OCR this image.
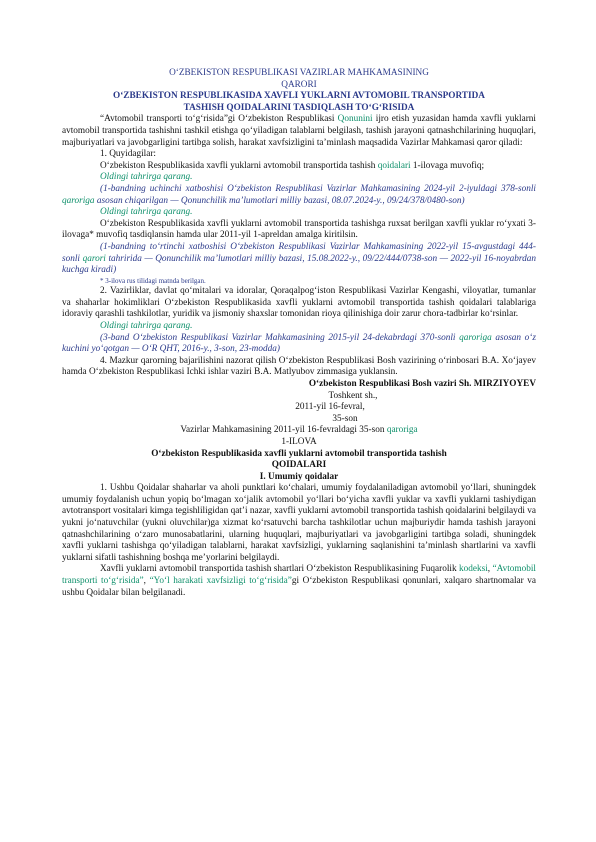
O‘ZBEKISTON RESPUBLIKASI VAZIRLAR MAHKAMASINING
QARORI
O‘ZBEKISTON RESPUBLIKASIDA XAVFLI YUKLARNI AVTOMOBIL TRANSPORTIDA TASHISH QOIDALARINI TASDIQLASH TO‘G‘RISIDA

“Avtomobil transporti to‘g‘risida”gi O‘zbekiston Respublikasi Qonunini ijro etish yuzasidan hamda xavfli yuklarni avtomobil transportida tashishni tashkil etishga qo‘yiladigan talablarni belgilash, tashish jarayoni qatnashchilarining huquqlari, majburiyatlari va javobgarligini tartibga solish, harakat xavfsizligini ta’minlash maqsadida Vazirlar Mahkamasi qaror qiladi:

1. Quyidagilar:

O‘zbekiston Respublikasida xavfli yuklarni avtomobil transportida tashish qoidalari 1-ilovaga muvofiq;

Oldingi tahrirga qarang.

(1-bandning uchinchi xatboshisi O‘zbekiston Respublikasi Vazirlar Mahkamasining 2024-yil 2-iyuldagi 378-sonli qaroriga asosan chiqarilgan — Qonunchilik ma’lumotlari milliy bazasi, 08.07.2024-y., 09/24/378/0480-son)

Oldingi tahrirga qarang.

O‘zbekiston Respublikasida xavfli yuklarni avtomobil transportida tashishga ruxsat berilgan xavfli yuklar ro‘yxati 3-ilovaga* muvofiq tasdiqlansin hamda ular 2011-yil 1-apreldan amalga kiritilsin.

(1-bandning to‘rtinchi xatboshisi O‘zbekiston Respublikasi Vazirlar Mahkamasining 2022-yil 15-avgustdagi 444-sonli qarori tahririda — Qonunchilik ma’lumotlari milliy bazasi, 15.08.2022-y., 09/22/444/0738-son — 2022-yil 16-noyabrdan kuchga kiradi)

* 3-ilova rus tilidagi matnda berilgan.

2. Vazirliklar, davlat qo‘mitalari va idoralar, Qoraqalpog‘iston Respublikasi Vazirlar Kengashi, viloyatlar, tumanlar va shaharlar hokimliklari O‘zbekiston Respublikasida xavfli yuklarni avtomobil transportida tashish qoidalari talablariga idoraviy qarashli tashkilotlar, yuridik va jismoniy shaxslar tomonidan rioya qilinishiga doir zarur chora-tadbirlar ko‘rsinlar.

Oldingi tahrirga qarang.

(3-band O‘zbekiston Respublikasi Vazirlar Mahkamasining 2015-yil 24-dekabrdagi 370-sonli qaroriga asosan o‘z kuchini yo‘qotgan — O‘R QHT, 2016-y., 3-son, 23-modda)

4. Mazkur qarorning bajarilishini nazorat qilish O‘zbekiston Respublikasi Bosh vazirining o‘rinbosari B.A. Xo‘jayev hamda O‘zbekiston Respublikasi Ichki ishlar vaziri B.A. Matlyubov zimmasiga yuklansin.

O‘zbekiston Respublikasi Bosh vaziri Sh. MIRZIYOYEV
Toshkent sh.,
2011-yil 16-fevral,
35-son
Vazirlar Mahkamasining 2011-yil 16-fevraldagi 35-son qaroriga
1-ILOVA
O‘zbekiston Respublikasida xavfli yuklarni avtomobil transportida tashish
QOIDALARI
I. Umumiy qoidalar

1. Ushbu Qoidalar shaharlar va aholi punktlari ko‘chalari, umumiy foydalaniladigan avtomobil yo‘llari, shuningdek umumiy foydalanish uchun yopiq bo‘lmagan xo‘jalik avtomobil yo‘llari bo‘yicha xavfli yuklar va xavfli yuklarni tashiydigan avtotransport vositalari kimga tegishliligidan qat’i nazar, xavfli yuklarni avtomobil transportida tashish qoidalarini belgilaydi va yukni jo‘natuvchilar (yukni oluvchilar)ga xizmat ko‘rsatuvchi barcha tashkilotlar uchun majburiydir hamda tashish jarayoni qatnashchilarining o‘zaro munosabatlarini, ularning huquqlari, majburiyatlari va javobgarligini tartibga soladi, shuningdek xavfli yuklarni tashishga qo‘yiladigan talablarni, harakat xavfsizligi, yuklarning saqlanishini ta’minlash shartlarini va xavfli yuklarni sifatli tashishning boshqa me’yorlarini belgilaydi.

Xavfli yuklarni avtomobil transportida tashish shartlari O‘zbekiston Respublikasining Fuqarolik kodeksi, “Avtomobil transporti to‘g‘risida”, “Yo‘l harakati xavfsizligi to‘g‘risida”gi O‘zbekiston Respublikasi qonunlari, xalqaro shartnomalar va ushbu Qoidalar bilan belgilanadi.
